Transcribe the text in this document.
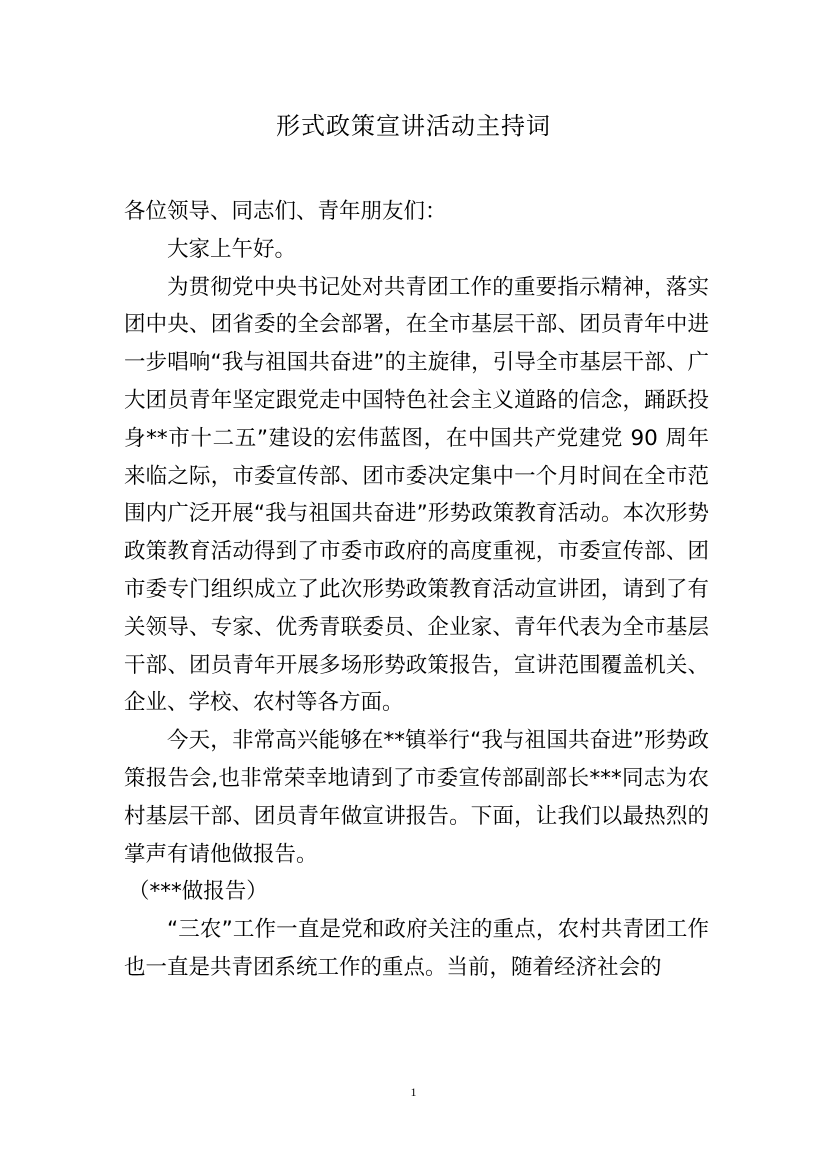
形式政策宣讲活动主持词

各位领导、同志们、青年朋友们：

大家上午好。

为贯彻党中央书记处对共青团工作的重要指示精神，落实团中央、团省委的全会部署，在全市基层干部、团员青年中进一步唱响“我与祖国共奋进”的主旋律，引导全市基层干部、广大团员青年坚定跟党走中国特色社会主义道路的信念，踊跃投身**市十二五”建设的宏伟蓝图，在中国共产党建党 90 周年来临之际，市委宣传部、团市委决定集中一个月时间在全市范围内广泛开展“我与祖国共奋进”形势政策教育活动。本次形势政策教育活动得到了市委市政府的高度重视，市委宣传部、团市委专门组织成立了此次形势政策教育活动宣讲团，请到了有关领导、专家、优秀青联委员、企业家、青年代表为全市基层干部、团员青年开展多场形势政策报告，宣讲范围覆盖机关、企业、学校、农村等各方面。

今天，非常高兴能够在**镇举行“我与祖国共奋进”形势政策报告会,也非常荣幸地请到了市委宣传部副部长***同志为农村基层干部、团员青年做宣讲报告。下面，让我们以最热烈的掌声有请他做报告。

（***做报告）

“三农”工作一直是党和政府关注的重点，农村共青团工作也一直是共青团系统工作的重点。当前，随着经济社会的

1
